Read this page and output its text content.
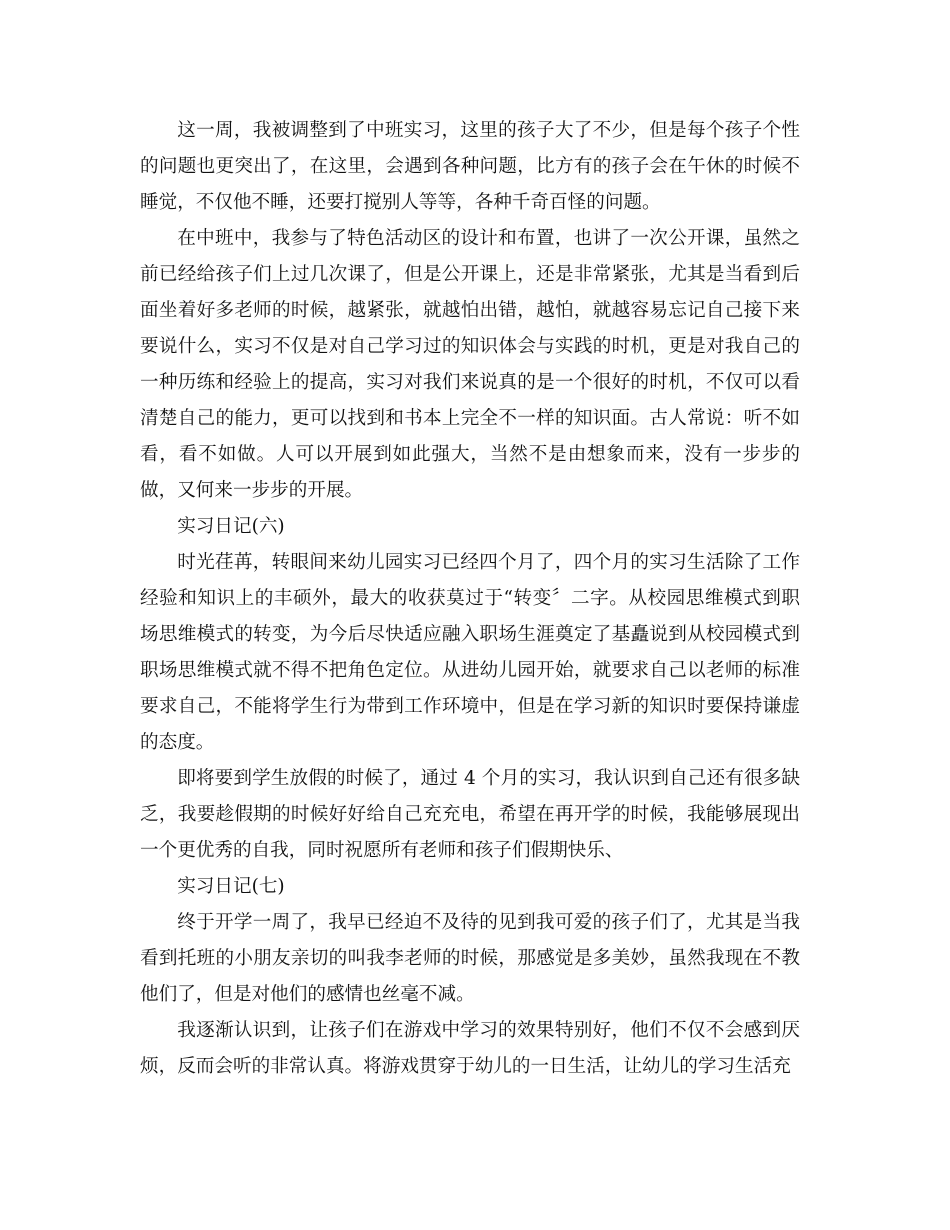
这一周，我被调整到了中班实习，这里的孩子大了不少，但是每个孩子个性的问题也更突出了，在这里，会遇到各种问题，比方有的孩子会在午休的时候不睡觉，不仅他不睡，还要打搅别人等等，各种千奇百怪的问题。

在中班中，我参与了特色活动区的设计和布置，也讲了一次公开课，虽然之前已经给孩子们上过几次课了，但是公开课上，还是非常紧张，尤其是当看到后面坐着好多老师的时候，越紧张，就越怕出错，越怕，就越容易忘记自己接下来要说什么，实习不仅是对自己学习过的知识体会与实践的时机，更是对我自己的一种历练和经验上的提高，实习对我们来说真的是一个很好的时机，不仅可以看清楚自己的能力，更可以找到和书本上完全不一样的知识面。古人常说：听不如看，看不如做。人可以开展到如此强大，当然不是由想象而来，没有一步步的做，又何来一步步的开展。

实习日记(六)

时光荏苒，转眼间来幼儿园实习已经四个月了，四个月的实习生活除了工作经验和知识上的丰硕外，最大的收获莫过于“转变〞二字。从校园思维模式到职场思维模式的转变，为今后尽快适应融入职场生涯奠定了基矗说到从校园模式到职场思维模式就不得不把角色定位。从进幼儿园开始，就要求自己以老师的标准要求自己，不能将学生行为带到工作环境中，但是在学习新的知识时要保持谦虚的态度。

即将要到学生放假的时候了，通过 4 个月的实习，我认识到自己还有很多缺乏，我要趁假期的时候好好给自己充充电，希望在再开学的时候，我能够展现出一个更优秀的自我，同时祝愿所有老师和孩子们假期快乐、

实习日记(七)

终于开学一周了，我早已经迫不及待的见到我可爱的孩子们了，尤其是当我看到托班的小朋友亲切的叫我李老师的时候，那感觉是多美妙，虽然我现在不教他们了，但是对他们的感情也丝毫不减。

我逐渐认识到，让孩子们在游戏中学习的效果特别好，他们不仅不会感到厌烦，反而会听的非常认真。将游戏贯穿于幼儿的一日生活，让幼儿的学习生活充
